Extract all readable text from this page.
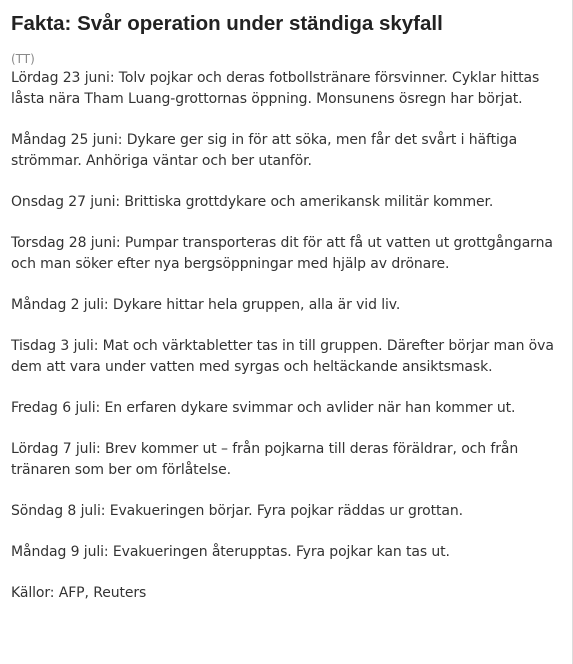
Fakta: Svår operation under ständiga skyfall
(TT)

Lördag 23 juni: Tolv pojkar och deras fotbollstränare försvinner. Cyklar hittas låsta nära Tham Luang-grottornas öppning. Monsunens ösregn har börjat.

Måndag 25 juni: Dykare ger sig in för att söka, men får det svårt i häftiga strömmar. Anhöriga väntar och ber utanför.

Onsdag 27 juni: Brittiska grottdykare och amerikansk militär kommer.

Torsdag 28 juni: Pumpar transporteras dit för att få ut vatten ut grottgångarna och man söker efter nya bergsöppningar med hjälp av drönare.

Måndag 2 juli: Dykare hittar hela gruppen, alla är vid liv.

Tisdag 3 juli: Mat och värktabletter tas in till gruppen. Därefter börjar man öva dem att vara under vatten med syrgas och heltäckande ansiktsmask.

Fredag 6 juli: En erfaren dykare svimmar och avlider när han kommer ut.

Lördag 7 juli: Brev kommer ut – från pojkarna till deras föräldrar, och från tränaren som ber om förlåtelse.

Söndag 8 juli: Evakueringen börjar. Fyra pojkar räddas ur grottan.

Måndag 9 juli: Evakueringen återupptas. Fyra pojkar kan tas ut.

Källor: AFP, Reuters
